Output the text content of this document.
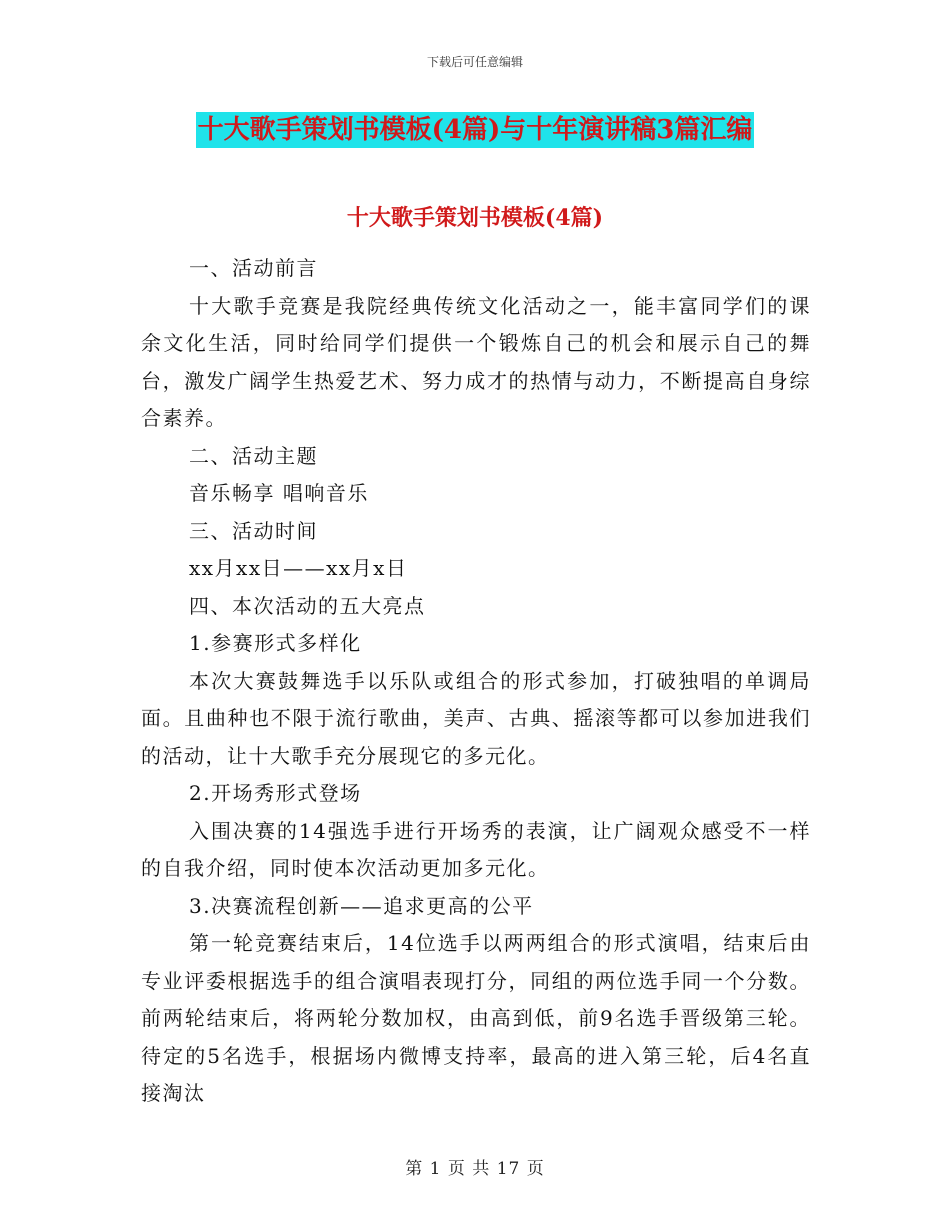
下载后可任意编辑
十大歌手策划书模板(4篇)与十年演讲稿3篇汇编
十大歌手策划书模板(4篇)

一、活动前言

十大歌手竞赛是我院经典传统文化活动之一，能丰富同学们的课余文化生活，同时给同学们提供一个锻炼自己的机会和展示自己的舞台，激发广阔学生热爱艺术、努力成才的热情与动力，不断提高自身综合素养。

二、活动主题

音乐畅享 唱响音乐

三、活动时间

xx月xx日——xx月x日

四、本次活动的五大亮点

1.参赛形式多样化

本次大赛鼓舞选手以乐队或组合的形式参加，打破独唱的单调局面。且曲种也不限于流行歌曲，美声、古典、摇滚等都可以参加进我们的活动，让十大歌手充分展现它的多元化。

2.开场秀形式登场

入围决赛的14强选手进行开场秀的表演，让广阔观众感受不一样的自我介绍，同时使本次活动更加多元化。

3.决赛流程创新——追求更高的公平

第一轮竞赛结束后，14位选手以两两组合的形式演唱，结束后由专业评委根据选手的组合演唱表现打分，同组的两位选手同一个分数。前两轮结束后，将两轮分数加权，由高到低，前9名选手晋级第三轮。待定的5名选手，根据场内微博支持率，最高的进入第三轮，后4名直接淘汰

第 1 页 共 17 页
